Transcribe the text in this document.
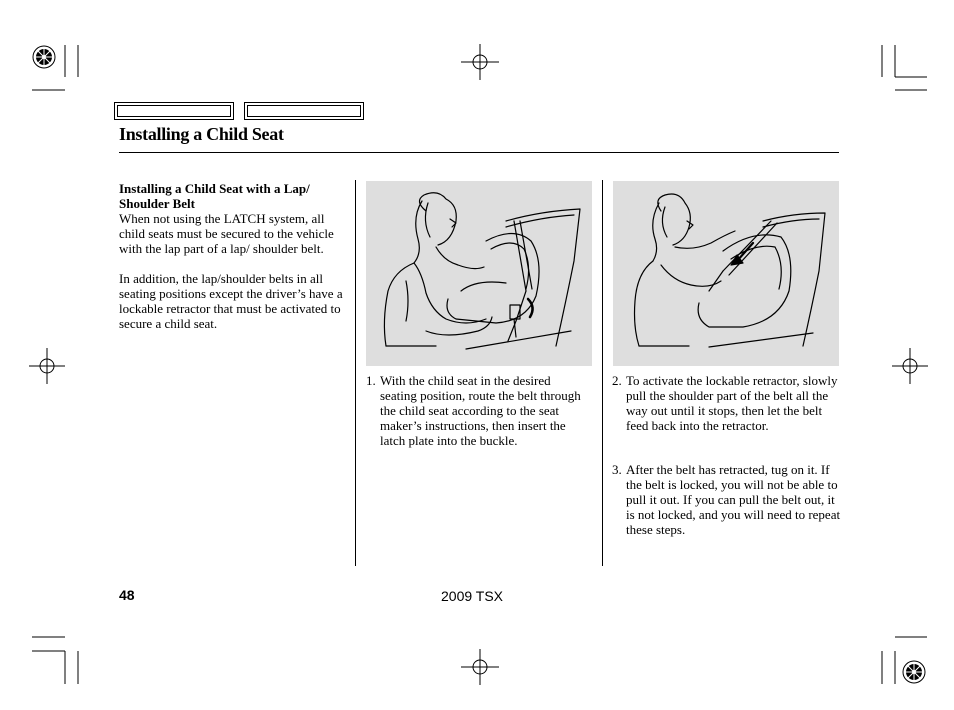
Installing a Child Seat
Installing a Child Seat with a Lap/ Shoulder Belt

When not using the LATCH system, all child seats must be secured to the vehicle with the lap part of a lap/ shoulder belt.

In addition, the lap/shoulder belts in all seating positions except the driver’s have a lockable retractor that must be activated to secure a child seat.

1. With the child seat in the desired seating position, route the belt through the child seat according to the seat maker’s instructions, then insert the latch plate into the buckle.
2. To activate the lockable retractor, slowly pull the shoulder part of the belt all the way out until it stops, then let the belt feed back into the retractor.
3. After the belt has retracted, tug on it. If the belt is locked, you will not be able to pull it out. If you can pull the belt out, it is not locked, and you will need to repeat these steps.
48	2009 TSX
